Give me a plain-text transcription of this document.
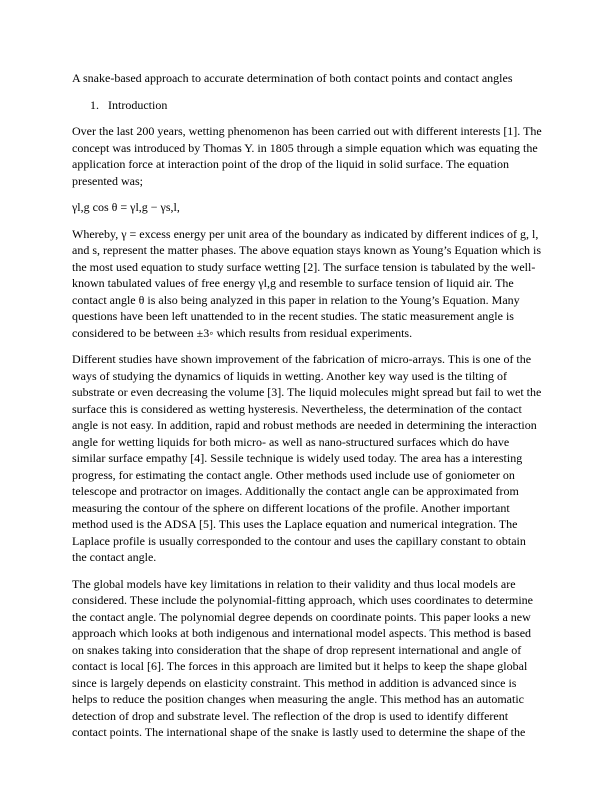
A snake-based approach to accurate determination of both contact points and contact angles
1. Introduction

Over the last 200 years, wetting phenomenon has been carried out with different interests [1]. The concept was introduced by Thomas Y. in 1805 through a simple equation which was equating the application force at interaction point of the drop of the liquid in solid surface. The equation presented was;

γl,g cos θ = γl,g − γs,l,

Whereby, γ = excess energy per unit area of the boundary as indicated by different indices of g, l, and s, represent the matter phases. The above equation stays known as Young’s Equation which is the most used equation to study surface wetting [2]. The surface tension is tabulated by the well-known tabulated values of free energy γl,g and resemble to surface tension of liquid air. The contact angle θ is also being analyzed in this paper in relation to the Young’s Equation. Many questions have been left unattended to in the recent studies. The static measurement angle is considered to be between ±3◦ which results from residual experiments.

Different studies have shown improvement of the fabrication of micro-arrays. This is one of the ways of studying the dynamics of liquids in wetting. Another key way used is the tilting of substrate or even decreasing the volume [3]. The liquid molecules might spread but fail to wet the surface this is considered as wetting hysteresis. Nevertheless, the determination of the contact angle is not easy. In addition, rapid and robust methods are needed in determining the interaction angle for wetting liquids for both micro- as well as nano-structured surfaces which do have similar surface empathy [4]. Sessile technique is widely used today. The area has a interesting progress, for estimating the contact angle. Other methods used include use of goniometer on telescope and protractor on images. Additionally the contact angle can be approximated from measuring the contour of the sphere on different locations of the profile. Another important method used is the ADSA [5]. This uses the Laplace equation and numerical integration. The Laplace profile is usually corresponded to the contour and uses the capillary constant to obtain the contact angle.

The global models have key limitations in relation to their validity and thus local models are considered. These include the polynomial-fitting approach, which uses coordinates to determine the contact angle. The polynomial degree depends on coordinate points. This paper looks a new approach which looks at both indigenous and international model aspects. This method is based on snakes taking into consideration that the shape of drop represent international and angle of contact is local [6]. The forces in this approach are limited but it helps to keep the shape global since is largely depends on elasticity constraint. This method in addition is advanced since is helps to reduce the position changes when measuring the angle. This method has an automatic detection of drop and substrate level. The reflection of the drop is used to identify different contact points. The international shape of the snake is lastly used to determine the shape of the
